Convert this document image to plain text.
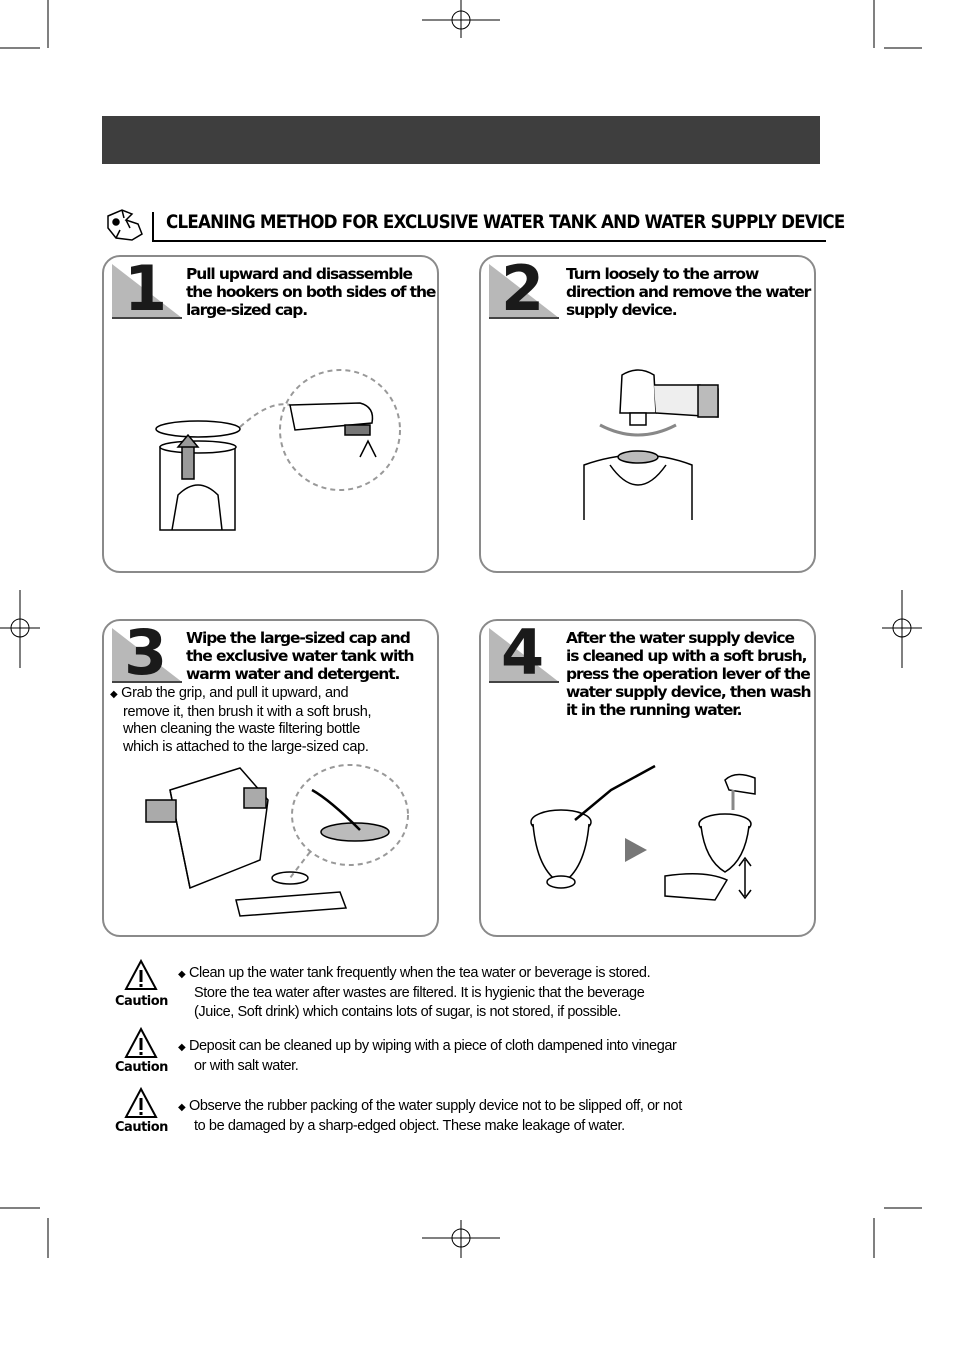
CLEANING METHOD FOR EXCLUSIVE WATER TANK AND WATER SUPPLY DEVICE
1 Pull upward and disassemble
the hookers on both sides of the
large-sized cap.	2 Turn loosely to the arrow
direction and remove the water
supply device.
3 Wipe the large-sized cap and
the exclusive water tank with
warm water and detergent.
◆ Grab the grip, and pull it upward, and
remove it, then brush it with a soft brush,
when cleaning the waste filtering bottle
which is attached to the large-sized cap.
4 After the water supply device
is cleaned up with a soft brush,
press the operation lever of the
water supply device, then wash
it in the running water.
Caution
◆ Clean up the water tank frequently when the tea water or beverage is stored.
Store the tea water after wastes are filtered. It is hygienic that the beverage
(Juice, Soft drink) which contains lots of sugar, is not stored, if possible.
Caution
◆ Deposit can be cleaned up by wiping with a piece of cloth dampened into vinegar
or with salt water.
Caution
◆ Observe the rubber packing of the water supply device not to be slipped off, or not
to be damaged by a sharp-edged object. These make leakage of water.
